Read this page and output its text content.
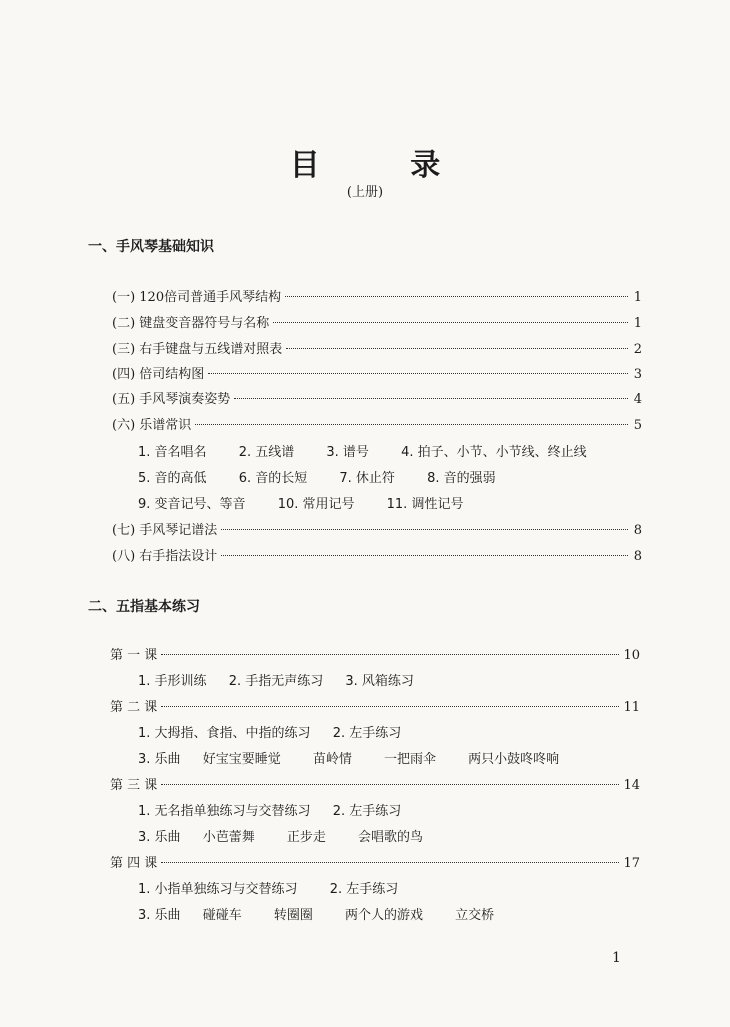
目 录
(上册)
一、手风琴基础知识
(一) 120倍司普通手风琴结构	1
(二) 键盘变音器符号与名称	1
(三) 右手键盘与五线谱对照表	2
(四) 倍司结构图	3
(五) 手风琴演奏姿势	4
(六) 乐谱常识	5
1. 音名唱名 2. 五线谱 3. 谱号 4. 拍子、小节、小节线、终止线
5. 音的高低 6. 音的长短 7. 休止符 8. 音的强弱
9. 变音记号、等音 10. 常用记号 11. 调性记号
(七) 手风琴记谱法	8
(八) 右手指法设计	8
二、五指基本练习
第 一 课	10
1. 手形训练 2. 手指无声练习 3. 风箱练习
第 二 课	11
1. 大拇指、食指、中指的练习 2. 左手练习
3. 乐曲 好宝宝要睡觉 苗岭情 一把雨伞 两只小鼓咚咚响
第 三 课	14
1. 无名指单独练习与交替练习 2. 左手练习
3. 乐曲 小芭蕾舞 正步走 会唱歌的鸟
第 四 课	17
1. 小指单独练习与交替练习 2. 左手练习
3. 乐曲 碰碰车 转圈圈 两个人的游戏 立交桥
1
